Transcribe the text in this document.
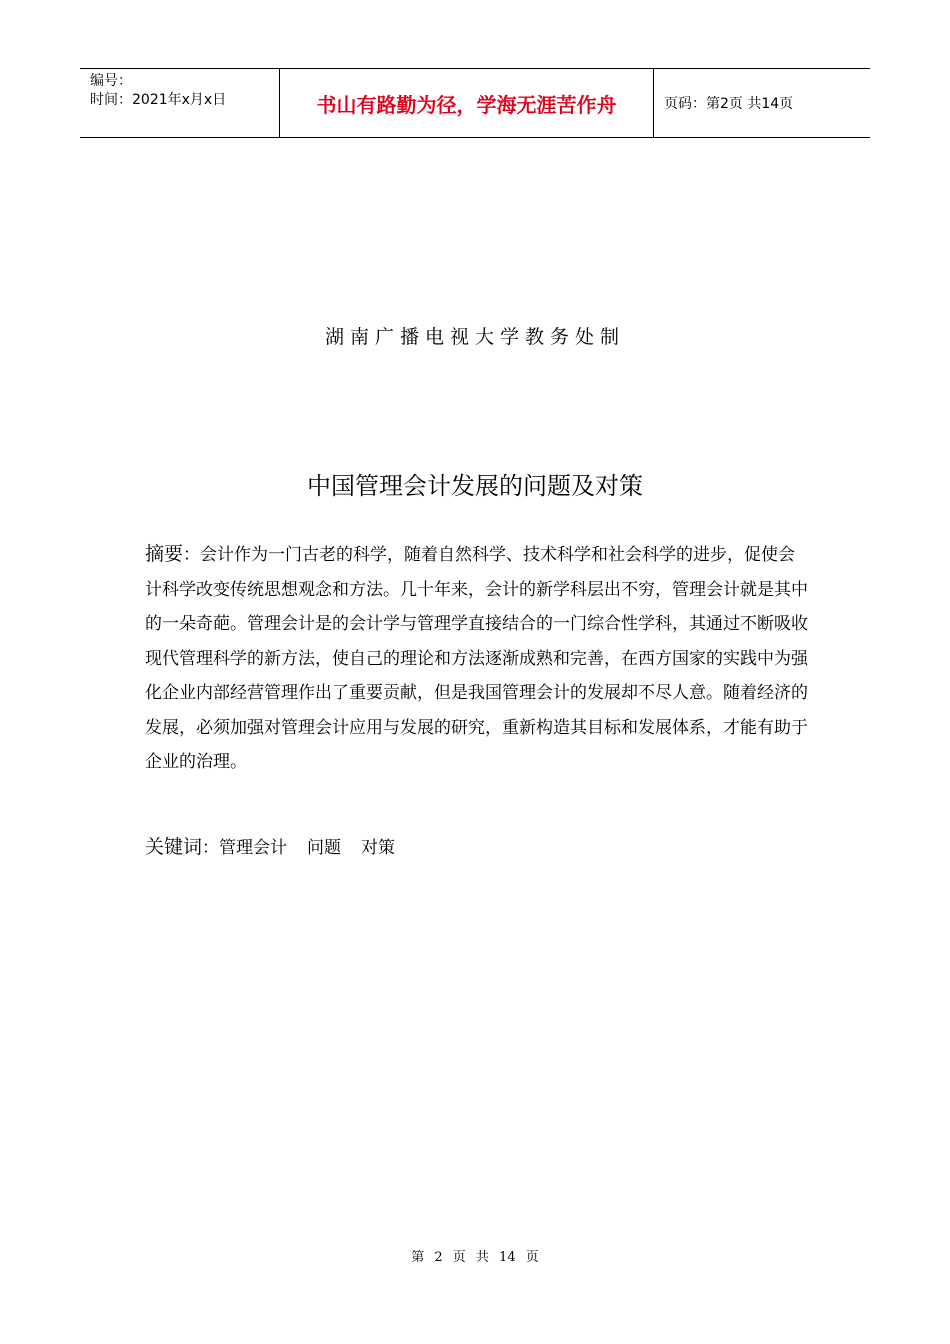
编号：
时间：2021年x月x日	书山有路勤为径，学海无涯苦作舟	页码：第2页 共14页
湖南广播电视大学教务处制
中国管理会计发展的问题及对策
摘要：会计作为一门古老的科学，随着自然科学、技术科学和社会科学的进步，促使会计科学改变传统思想观念和方法。几十年来，会计的新学科层出不穷，管理会计就是其中的一朵奇葩。管理会计是的会计学与管理学直接结合的一门综合性学科，其通过不断吸收现代管理科学的新方法，使自己的理论和方法逐渐成熟和完善，在西方国家的实践中为强化企业内部经营管理作出了重要贡献，但是我国管理会计的发展却不尽人意。随着经济的发展，必须加强对管理会计应用与发展的研究，重新构造其目标和发展体系，才能有助于企业的治理。
关键词：管理会计 问题 对策
第 2 页 共 14 页
